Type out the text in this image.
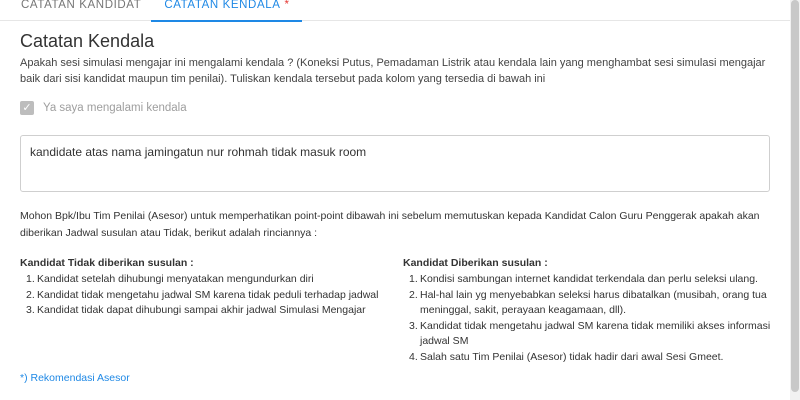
CATATAN KANDIDAT	CATATAN KENDALA *
Catatan Kendala
Apakah sesi simulasi mengajar ini mengalami kendala ? (Koneksi Putus, Pemadaman Listrik atau kendala lain yang menghambat sesi simulasi mengajar baik dari sisi kandidat maupun tim penilai). Tuliskan kendala tersebut pada kolom yang tersedia di bawah ini
✓ Ya saya mengalami kendala
kandidate atas nama jamingatun nur rohmah tidak masuk room
Mohon Bpk/Ibu Tim Penilai (Asesor) untuk memperhatikan point-point dibawah ini sebelum memutuskan kepada Kandidat Calon Guru Penggerak apakah akan diberikan Jadwal susulan atau Tidak, berikut adalah rinciannya :
Kandidat Tidak diberikan susulan :
1. Kandidat setelah dihubungi menyatakan mengundurkan diri
2. Kandidat tidak mengetahu jadwal SM karena tidak peduli terhadap jadwal
3. Kandidat tidak dapat dihubungi sampai akhir jadwal Simulasi Mengajar
Kandidat Diberikan susulan :
1. Kondisi sambungan internet kandidat terkendala dan perlu seleksi ulang.
2. Hal-hal lain yg menyebabkan seleksi harus dibatalkan (musibah, orang tua meninggal, sakit, perayaan keagamaan, dll).
3. Kandidat tidak mengetahu jadwal SM karena tidak memiliki akses informasi jadwal SM
4. Salah satu Tim Penilai (Asesor) tidak hadir dari awal Sesi Gmeet.
*) Rekomendasi Asesor
